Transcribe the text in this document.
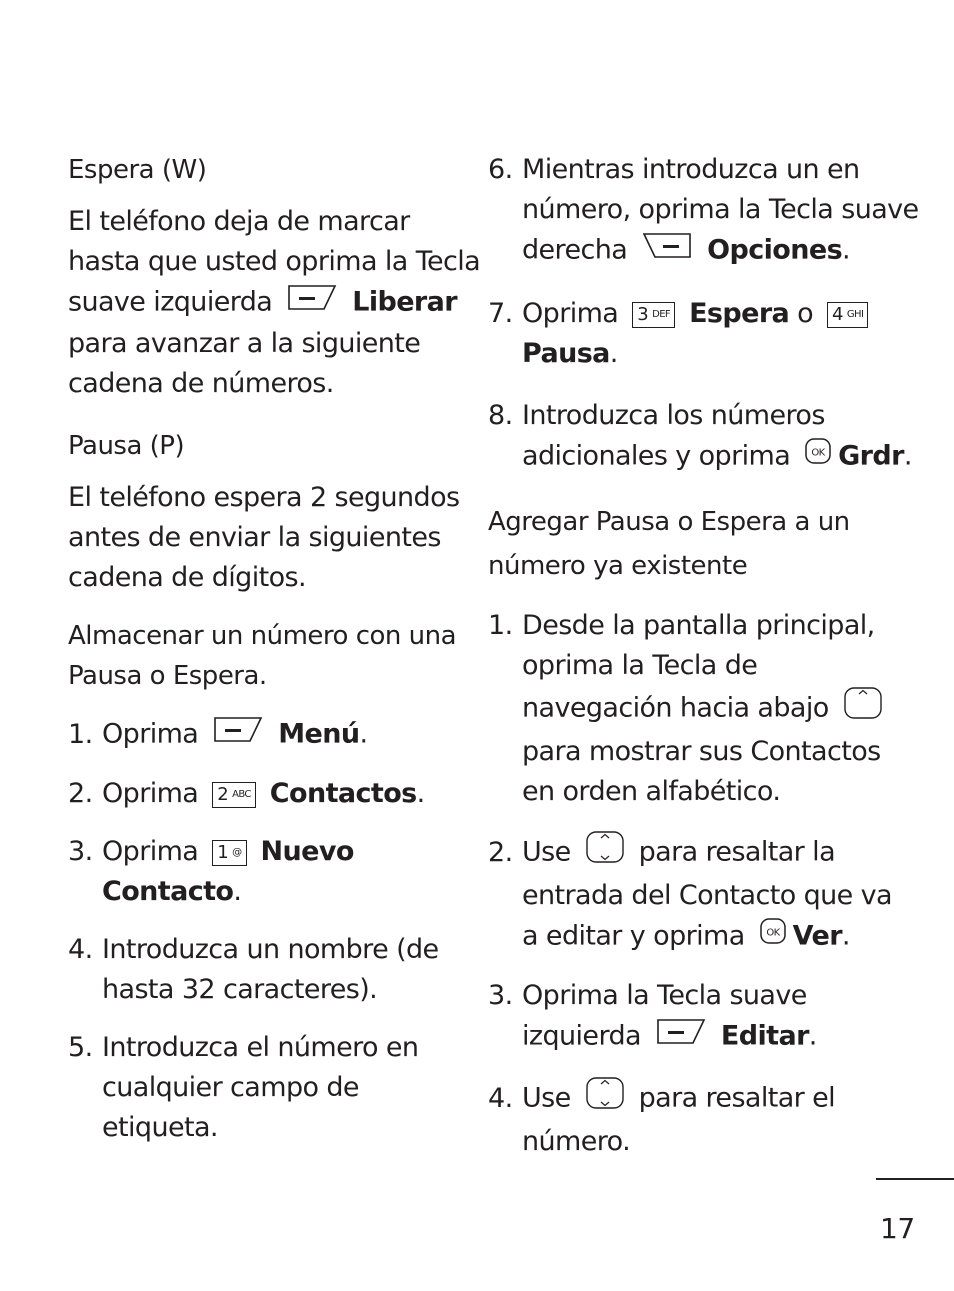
Espera (W)
El teléfono deja de marcar
hasta que usted oprima la Tecla
suave izquierda	Liberar
para avanzar a la siguiente
cadena de números.
Pausa (P)
El teléfono espera 2 segundos
antes de enviar la siguientes
cadena de dígitos.
Almacenar un número con una
Pausa o Espera.
1. Oprima	Menú.
2. Oprima 2 ABC Contactos.
3. Oprima 1 @ Nuevo
Contacto.
4. Introduzca un nombre (de
hasta 32 caracteres).
5. Introduzca el número en
cualquier campo de
etiqueta.
6. Mientras introduzca un en
número, oprima la Tecla suave
derecha	Opciones.
7. Oprima 3 DEF Espera o 4 GHI
Pausa.
8. Introduzca los números
adicionales y oprima OK Grdr.
Agregar Pausa o Espera a un
número ya existente
1. Desde la pantalla principal,
oprima la Tecla de
navegación hacia abajo
para mostrar sus Contactos
en orden alfabético.
2. Use	para resaltar la
entrada del Contacto que va
a editar y oprima OK Ver.
3. Oprima la Tecla suave
izquierda	Editar.
4. Use	para resaltar el
número.
17
